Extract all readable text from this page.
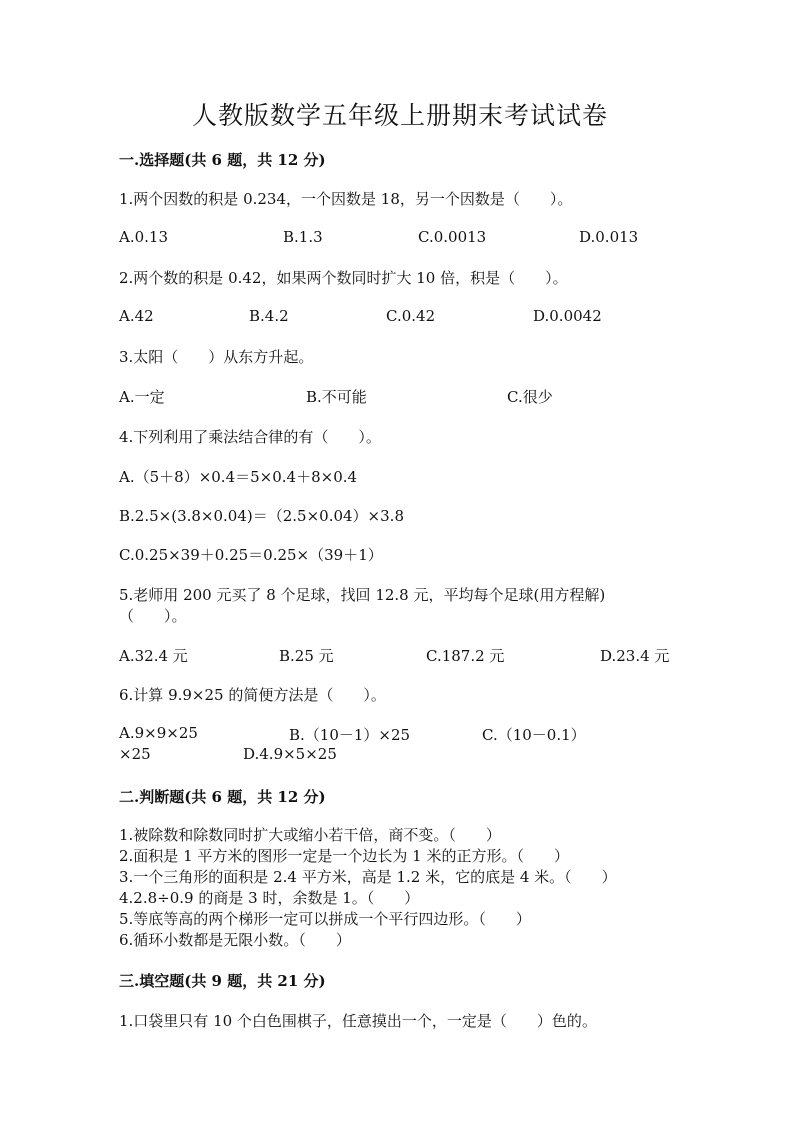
人教版数学五年级上册期末考试试卷
一.选择题(共 6 题，共 12 分)
1.两个因数的积是 0.234，一个因数是 18，另一个因数是（　　）。
A.0.13	B.1.3	C.0.0013	D.0.013
2.两个数的积是 0.42，如果两个数同时扩大 10 倍，积是（　　）。
A.42	B.4.2	C.0.42	D.0.0042
3.太阳（　　）从东方升起。
A.一定	B.不可能	C.很少
4.下列利用了乘法结合律的有（　　）。
A.（5＋8）×0.4＝5×0.4＋8×0.4
B.2.5×(3.8×0.04)＝（2.5×0.04）×3.8
C.0.25×39＋0.25＝0.25×（39＋1）
5.老师用 200 元买了 8 个足球，找回 12.8 元，平均每个足球(用方程解)
（　　）。
A.32.4 元	B.25 元	C.187.2 元	D.23.4 元
6.计算 9.9×25 的简便方法是（　　）。
A.9×9×25	B.（10－1）×25	C.（10－0.1）
×25	D.4.9×5×25
二.判断题(共 6 题，共 12 分)
1.被除数和除数同时扩大或缩小若干倍，商不变。（　　）
2.面积是 1 平方米的图形一定是一个边长为 1 米的正方形。（　　）
3.一个三角形的面积是 2.4 平方米，高是 1.2 米，它的底是 4 米。（　　）
4.2.8÷0.9 的商是 3 时，余数是 1。（　　）
5.等底等高的两个梯形一定可以拼成一个平行四边形。（　　）
6.循环小数都是无限小数。（　　）
三.填空题(共 9 题，共 21 分)
1.口袋里只有 10 个白色围棋子，任意摸出一个，一定是（　　）色的。
